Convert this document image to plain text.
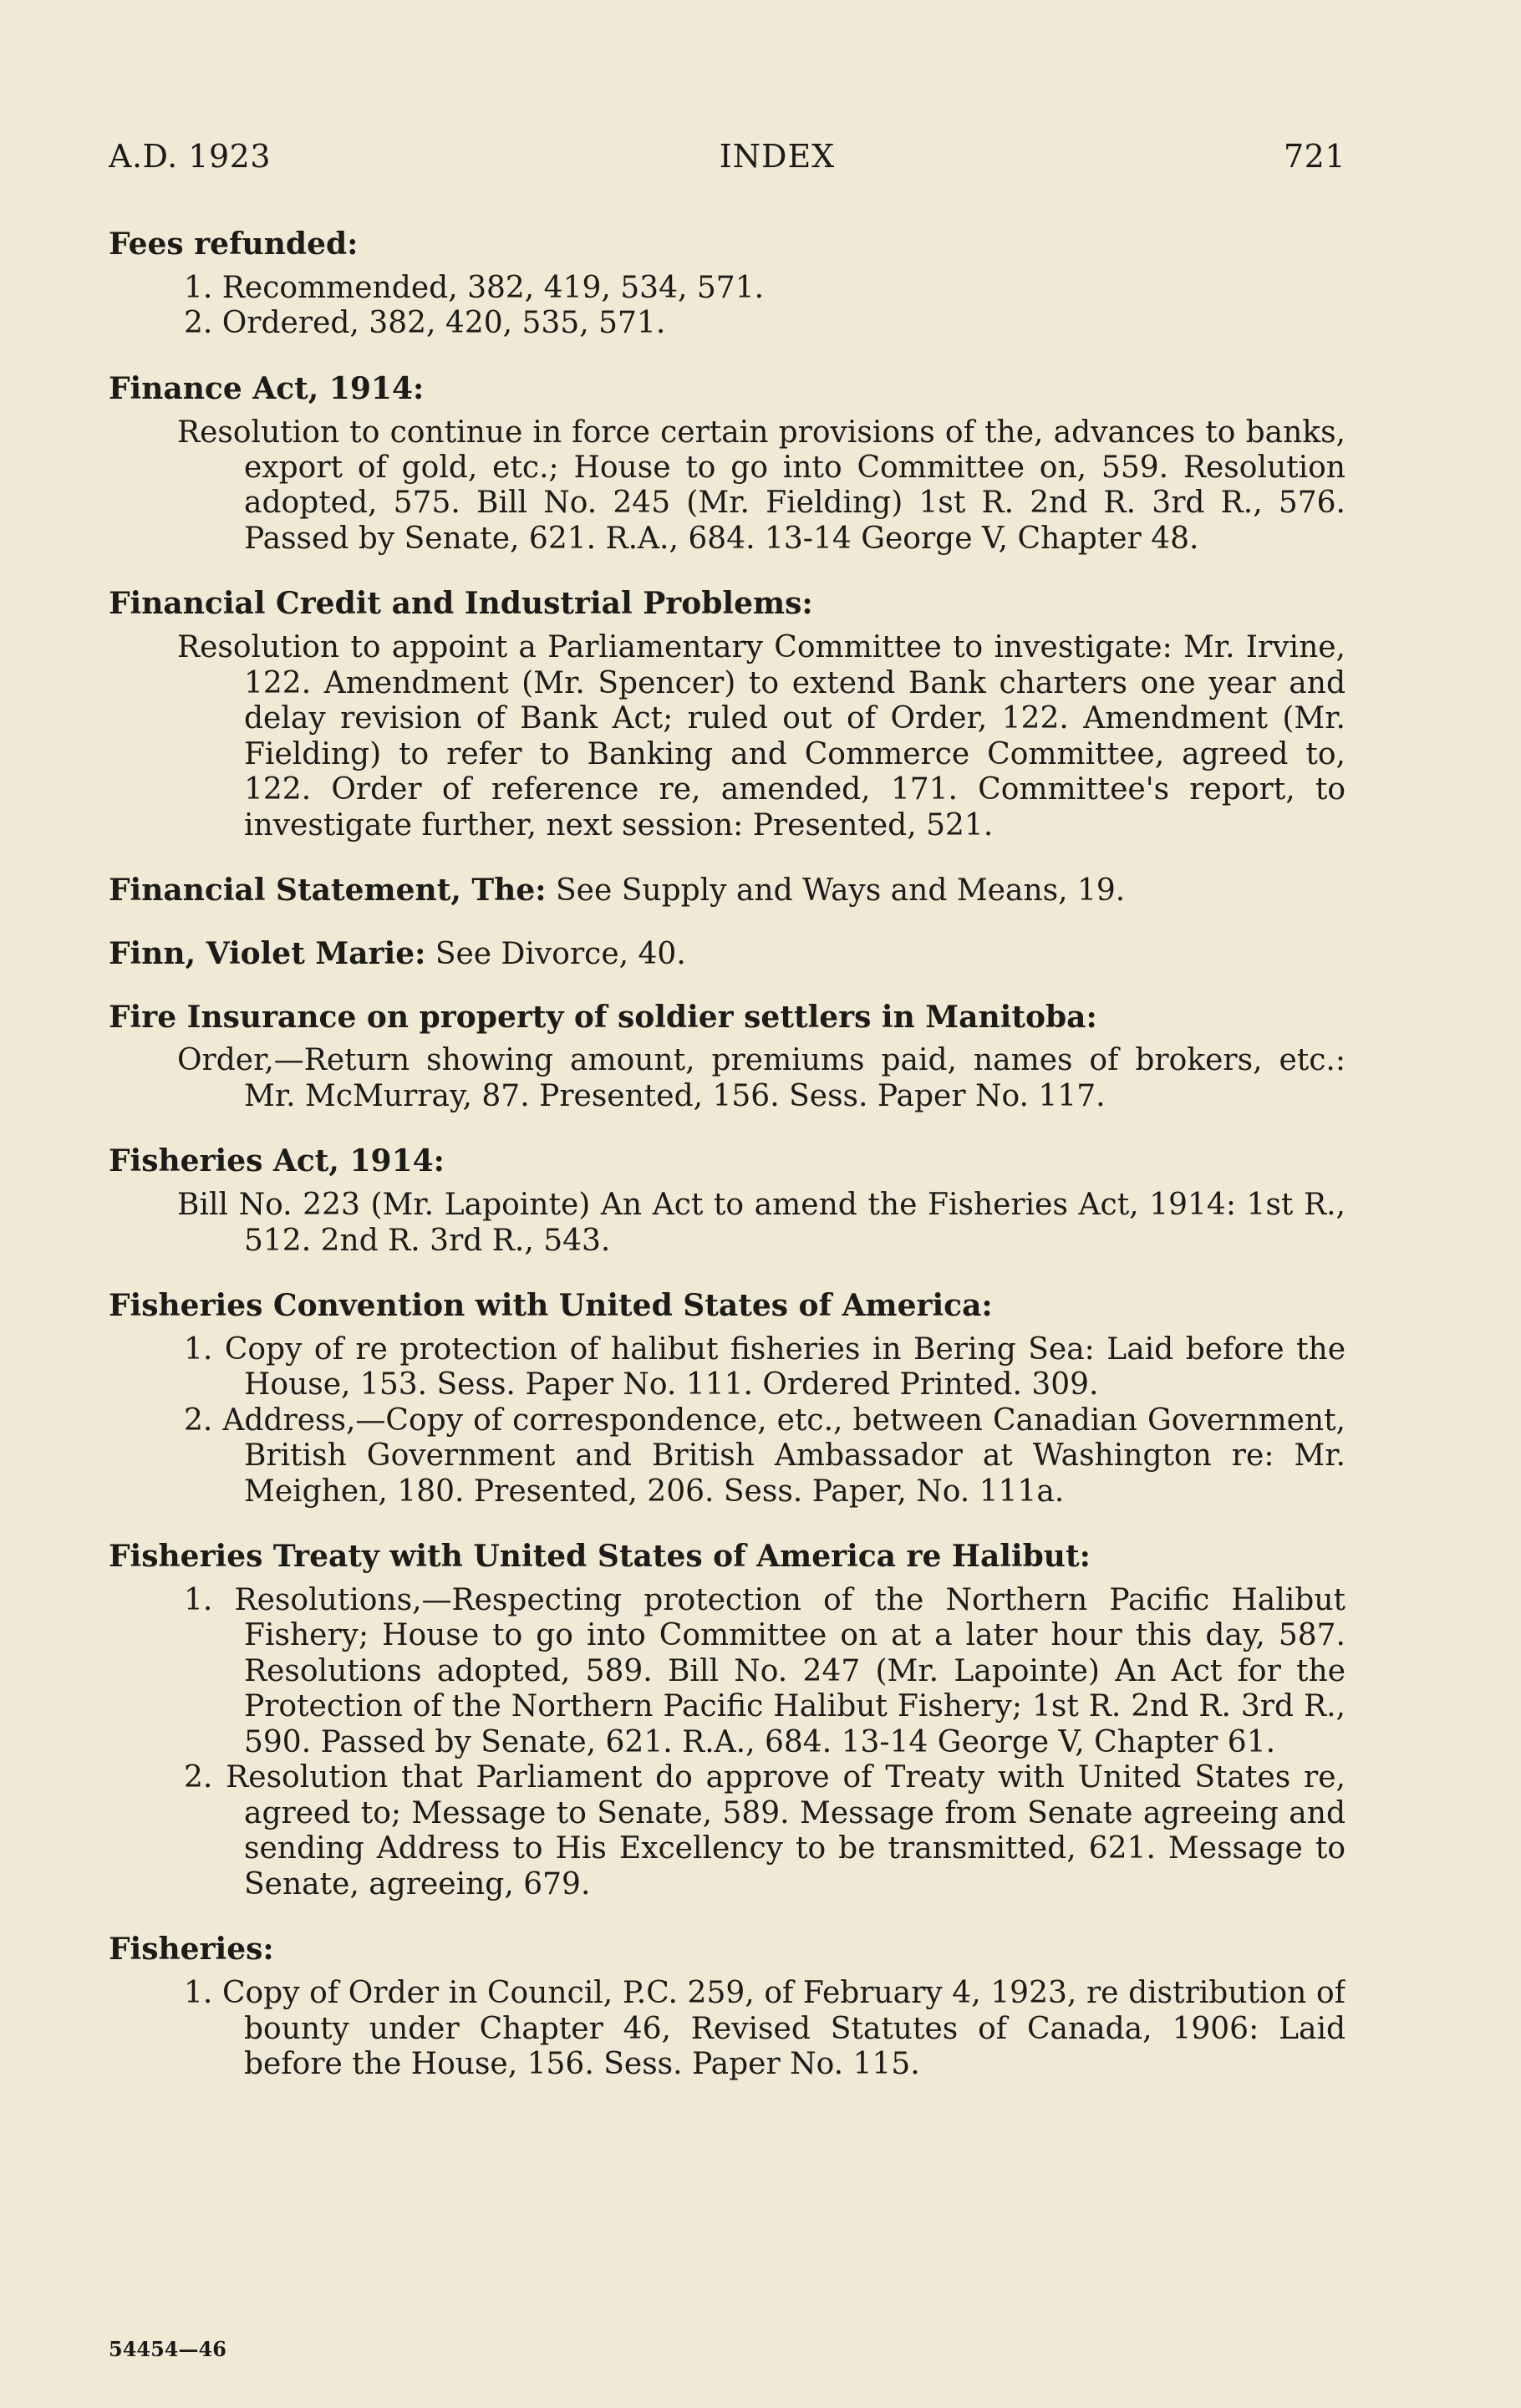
A.D. 1923	INDEX	721
Fees refunded:
1. Recommended, 382, 419, 534, 571.
2. Ordered, 382, 420, 535, 571.
Finance Act, 1914:

Resolution to continue in force certain provisions of the, advances to banks, export of gold, etc.; House to go into Committee on, 559. Resolution adopted, 575. Bill No. 245 (Mr. Fielding) 1st R. 2nd R. 3rd R., 576. Passed by Senate, 621. R.A., 684. 13-14 George V, Chapter 48.

Financial Credit and Industrial Problems:

Resolution to appoint a Parliamentary Committee to investigate: Mr. Irvine, 122. Amendment (Mr. Spencer) to extend Bank charters one year and delay revision of Bank Act; ruled out of Order, 122. Amendment (Mr. Fielding) to refer to Banking and Commerce Committee, agreed to, 122. Order of reference re, amended, 171. Committee's report, to investigate further, next session: Presented, 521.

Financial Statement, The: See Supply and Ways and Means, 19.
Finn, Violet Marie: See Divorce, 40.
Fire Insurance on property of soldier settlers in Manitoba:

Order,—Return showing amount, premiums paid, names of brokers, etc.: Mr. McMurray, 87. Presented, 156. Sess. Paper No. 117.

Fisheries Act, 1914:

Bill No. 223 (Mr. Lapointe) An Act to amend the Fisheries Act, 1914: 1st R., 512. 2nd R. 3rd R., 543.

Fisheries Convention with United States of America:
1. Copy of re protection of halibut fisheries in Bering Sea: Laid before the House, 153. Sess. Paper No. 111. Ordered Printed. 309.
2. Address,—Copy of correspondence, etc., between Canadian Government, British Government and British Ambassador at Washington re: Mr. Meighen, 180. Presented, 206. Sess. Paper, No. 111a.
Fisheries Treaty with United States of America re Halibut:
1. Resolutions,—Respecting protection of the Northern Pacific Halibut Fishery; House to go into Committee on at a later hour this day, 587. Resolutions adopted, 589. Bill No. 247 (Mr. Lapointe) An Act for the Protection of the Northern Pacific Halibut Fishery; 1st R. 2nd R. 3rd R., 590. Passed by Senate, 621. R.A., 684. 13-14 George V, Chapter 61.
2. Resolution that Parliament do approve of Treaty with United States re, agreed to; Message to Senate, 589. Message from Senate agreeing and sending Address to His Excellency to be transmitted, 621. Message to Senate, agreeing, 679.
Fisheries:
1. Copy of Order in Council, P.C. 259, of February 4, 1923, re distribution of bounty under Chapter 46, Revised Statutes of Canada, 1906: Laid before the House, 156. Sess. Paper No. 115.
54454—46
